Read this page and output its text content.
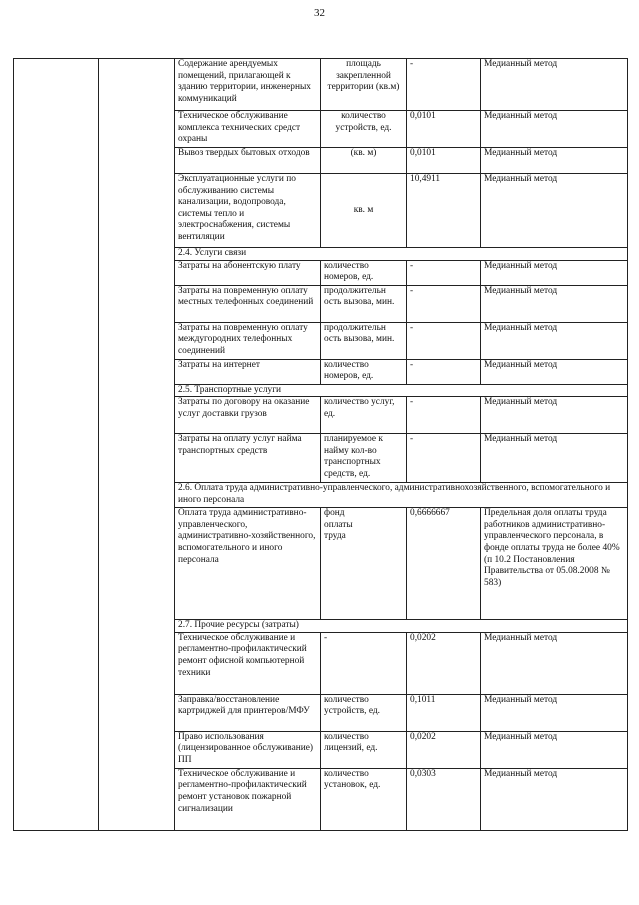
32
		Содержание арендуемых помещений, прилагающей к зданию территории, инженерных коммуникаций	площадь закрепленной территории (кв.м)	-	Медианный метод
		Техническое обслуживание комплекса технических средст охраны	количество устройств, ед.	0,0101	Медианный метод
		Вывоз твердых бытовых отходов	(кв. м)	0,0101	Медианный метод
		Эксплуатационные услуги по обслуживанию системы канализации, водопровода, системы тепло и электроснабжения, системы вентиляции	кв. м	10,4911	Медианный метод
		2.4. Услуги связи			
		Затраты на абонентскую плату	количество номеров, ед.	-	Медианный метод
		Затраты на повременную оплату местных телефонных соединений	продолжительн ость вызова, мин.	-	Медианный метод
		Затраты на повременную оплату междугородних телефонных соединений	продолжительн ость вызова, мин.	-	Медианный метод
		Затраты на интернет	количество номеров, ед.	-	Медианный метод
		2.5. Транспортные услуги			
		Затраты по договору на оказание услуг доставки грузов	количество услуг, ед.	-	Медианный метод
		Затраты на оплату услуг найма транспортных средств	планируемое к найму кол-во транспортных средств, ед.	-	Медианный метод
		2.6. Оплата труда административно-управленческого, административнохозяйственного, вспомогательного и иного персонала			
		Оплата труда административно-управленческого, административно-хозяйственного, вспомогательного и иного персонала	фонд оплаты труда	0,6666667	Предельная доля оплаты труда работников административно-управленческого персонала, в фонде оплаты труда не более 40% (п 10.2 Постановления Правительства от 05.08.2008 № 583)
		2.7. Прочие ресурсы (затраты)			
		Техническое обслуживание и регламентно-профилактический ремонт офисной компьютерной техники	-	0,0202	Медианный метод
		Заправка/восстановление картриджей для принтеров/МФУ	количество устройств, ед.	0,1011	Медианный метод
		Право использования (лицензированное обслуживание) ПП	количество лицензий, ед.	0,0202	Медианный метод
		Техническое обслуживание и регламентно-профилактический ремонт установок пожарной сигнализации	количество установок, ед.	0,0303	Медианный метод
